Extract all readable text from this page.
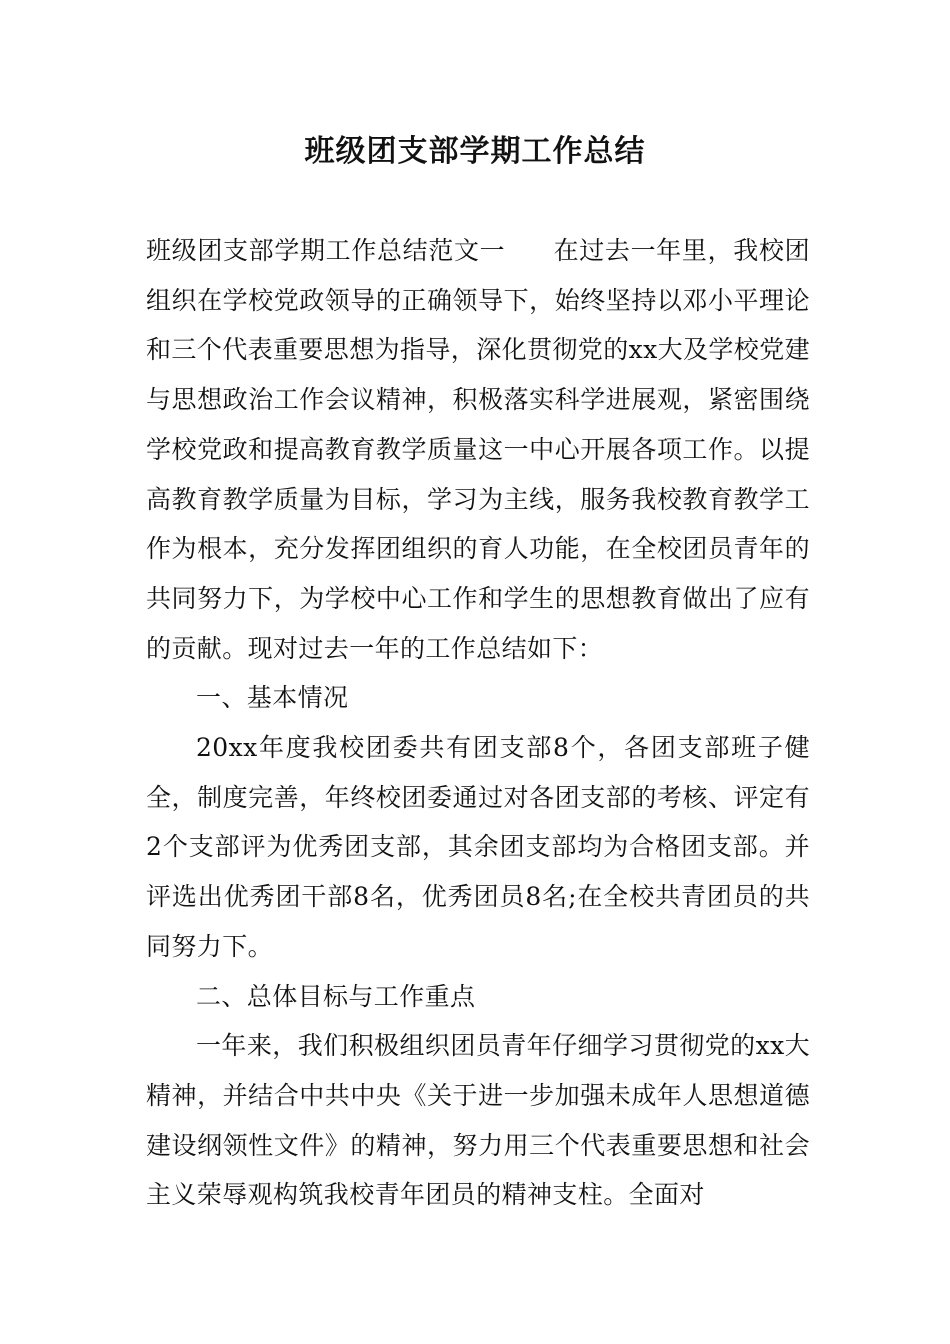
班级团支部学期工作总结

班级团支部学期工作总结范文一 在过去一年里，我校团组织在学校党政领导的正确领导下，始终坚持以邓小平理论和三个代表重要思想为指导，深化贯彻党的xx大及学校党建与思想政治工作会议精神，积极落实科学进展观，紧密围绕学校党政和提高教育教学质量这一中心开展各项工作。以提高教育教学质量为目标，学习为主线，服务我校教育教学工作为根本，充分发挥团组织的育人功能，在全校团员青年的共同努力下，为学校中心工作和学生的思想教育做出了应有的贡献。现对过去一年的工作总结如下：

一、基本情况

20xx年度我校团委共有团支部8个，各团支部班子健全，制度完善，年终校团委通过对各团支部的考核、评定有2个支部评为优秀团支部，其余团支部均为合格团支部。并评选出优秀团干部8名，优秀团员8名;在全校共青团员的共同努力下。

二、总体目标与工作重点

一年来，我们积极组织团员青年仔细学习贯彻党的xx大精神，并结合中共中央《关于进一步加强未成年人思想道德建设纲领性文件》的精神，努力用三个代表重要思想和社会主义荣辱观构筑我校青年团员的精神支柱。全面对
